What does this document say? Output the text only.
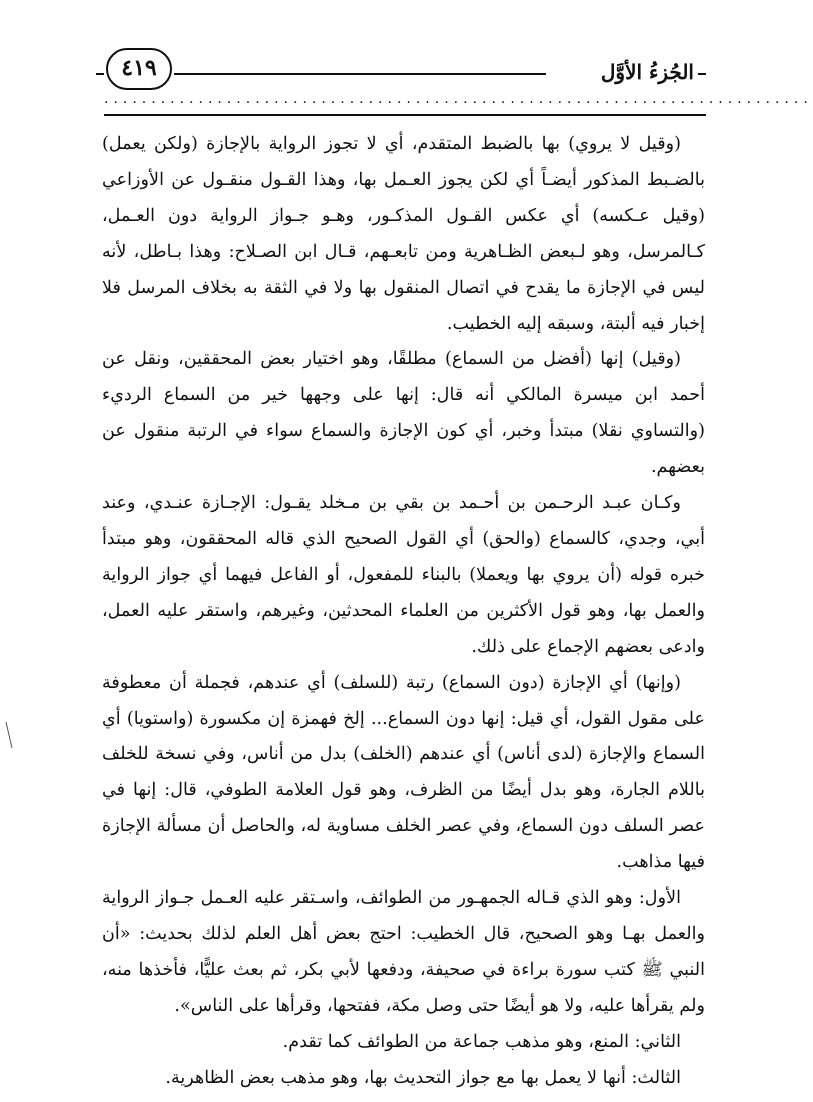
الجُزءُ الأوَّل
٤١٩
...........................................................................

(وقيل لا يروي) بها بالضبط المتقدم، أي لا تجوز الرواية بالإجازة (ولكن يعمل) بالضـبط المذكور أيضـاً أي لكن يجوز العـمل بها، وهذا القـول منقـول عن الأوزاعي (وقيل عـكسه) أي عكس القـول المذكـور، وهـو جـواز الرواية دون العـمل، كـالمرسل، وهو لـبعض الظـاهرية ومن تابعـهم، قـال ابن الصـلاح: وهذا بـاطل، لأنه ليس في الإجازة ما يقدح في اتصال المنقول بها ولا في الثقة به بخلاف المرسل فلا إخبار فيه ألبتة، وسبقه إليه الخطيب.

(وقيل) إنها (أفضل من السماع) مطلقًا، وهو اختيار بعض المحققين، ونقل عن أحمد ابن ميسرة المالكي أنه قال: إنها على وجهها خير من السماع الرديء (والتساوي نقلا) مبتدأ وخبر، أي كون الإجازة والسماع سواء في الرتبة منقول عن بعضهم.

وكـان عبـد الرحـمن بن أحـمد بن بقي بن مـخلد يقـول: الإجـازة عنـدي، وعند أبي، وجدي، كالسماع (والحق) أي القول الصحيح الذي قاله المحققون، وهو مبتدأ خبره قوله (أن يروي بها ويعملا) بالبناء للمفعول، أو الفاعل فيهما أي جواز الرواية والعمل بها، وهو قول الأكثرين من العلماء المحدثين، وغيرهم، واستقر عليه العمل، وادعى بعضهم الإجماع على ذلك.

(وإنها) أي الإجازة (دون السماع) رتبة (للسلف) أي عندهم، فجملة أن معطوفة على مقول القول، أي قيل: إنها دون السماع... إلخ فهمزة إن مكسورة (واستويا) أي السماع والإجازة (لدى أناس) أي عندهم (الخلف) بدل من أناس، وفي نسخة للخلف باللام الجارة، وهو بدل أيضًا من الظرف، وهو قول العلامة الطوفي، قال: إنها في عصر السلف دون السماع، وفي عصر الخلف مساوية له، والحاصل أن مسألة الإجازة فيها مذاهب.

الأول: وهو الذي قـاله الجمهـور من الطوائف، واسـتقر عليه العـمل جـواز الرواية والعمل بهـا وهو الصحيح، قال الخطيب: احتج بعض أهل العلم لذلك بحديث: «أن النبي ﷺ كتب سورة براءة في صحيفة، ودفعها لأبي بكر، ثم بعث عليًّا، فأخذها منه، ولم يقرأها عليه، ولا هو أيضًا حتى وصل مكة، ففتحها، وقرأها على الناس».

الثاني: المنع، وهو مذهب جماعة من الطوائف كما تقدم.

الثالث: أنها لا يعمل بها مع جواز التحديث بها، وهو مذهب بعض الظاهرية.
